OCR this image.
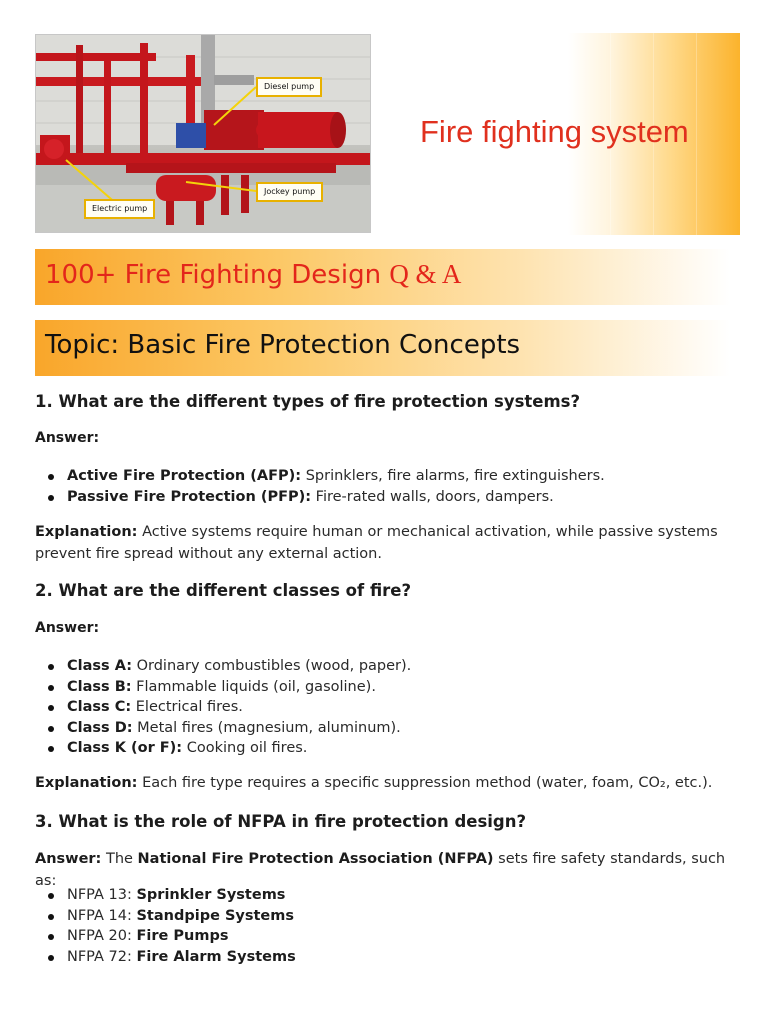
Diesel pump
Jockey pump
Electric pump
Fire fighting system
100+ Fire Fighting Design Q & A
Topic: Basic Fire Protection Concepts
1. What are the different types of fire protection systems?
Answer:
Active Fire Protection (AFP): Sprinklers, fire alarms, fire extinguishers.
Passive Fire Protection (PFP): Fire-rated walls, doors, dampers.
Explanation: Active systems require human or mechanical activation, while passive systems prevent fire spread without any external action.
2. What are the different classes of fire?
Answer:
Class A: Ordinary combustibles (wood, paper).
Class B: Flammable liquids (oil, gasoline).
Class C: Electrical fires.
Class D: Metal fires (magnesium, aluminum).
Class K (or F): Cooking oil fires.
Explanation: Each fire type requires a specific suppression method (water, foam, CO₂, etc.).
3. What is the role of NFPA in fire protection design?
Answer: The National Fire Protection Association (NFPA) sets fire safety standards, such as:
NFPA 13: Sprinkler Systems
NFPA 14: Standpipe Systems
NFPA 20: Fire Pumps
NFPA 72: Fire Alarm Systems
